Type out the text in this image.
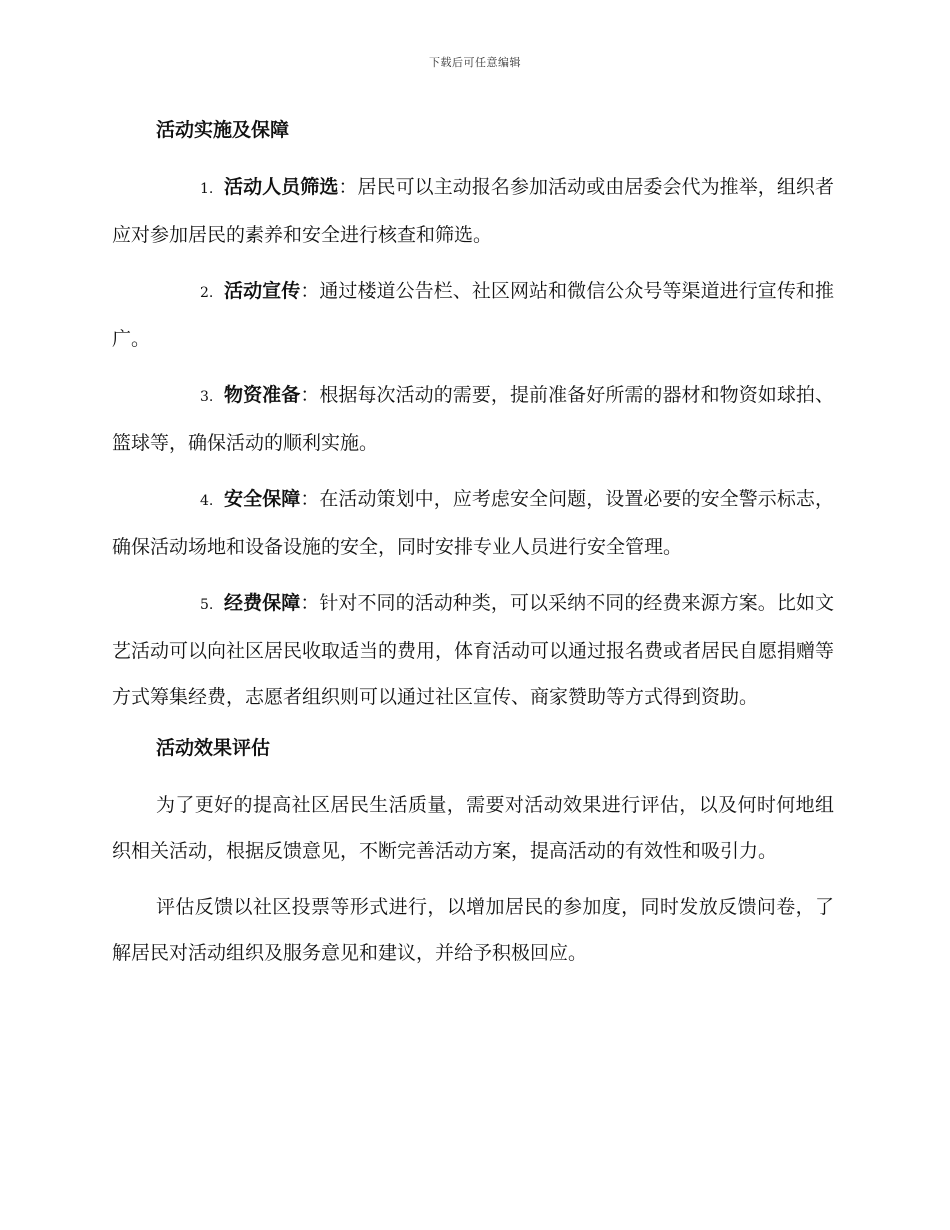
下载后可任意编辑
活动实施及保障
1. 活动人员筛选：居民可以主动报名参加活动或由居委会代为推举，组织者应对参加居民的素养和安全进行核查和筛选。
2. 活动宣传：通过楼道公告栏、社区网站和微信公众号等渠道进行宣传和推广。
3. 物资准备：根据每次活动的需要，提前准备好所需的器材和物资如球拍、篮球等，确保活动的顺利实施。
4. 安全保障：在活动策划中，应考虑安全问题，设置必要的安全警示标志，确保活动场地和设备设施的安全，同时安排专业人员进行安全管理。
5. 经费保障：针对不同的活动种类，可以采纳不同的经费来源方案。比如文艺活动可以向社区居民收取适当的费用，体育活动可以通过报名费或者居民自愿捐赠等方式筹集经费，志愿者组织则可以通过社区宣传、商家赞助等方式得到资助。
活动效果评估
为了更好的提高社区居民生活质量，需要对活动效果进行评估，以及何时何地组织相关活动，根据反馈意见，不断完善活动方案，提高活动的有效性和吸引力。
评估反馈以社区投票等形式进行，以增加居民的参加度，同时发放反馈问卷，了解居民对活动组织及服务意见和建议，并给予积极回应。
